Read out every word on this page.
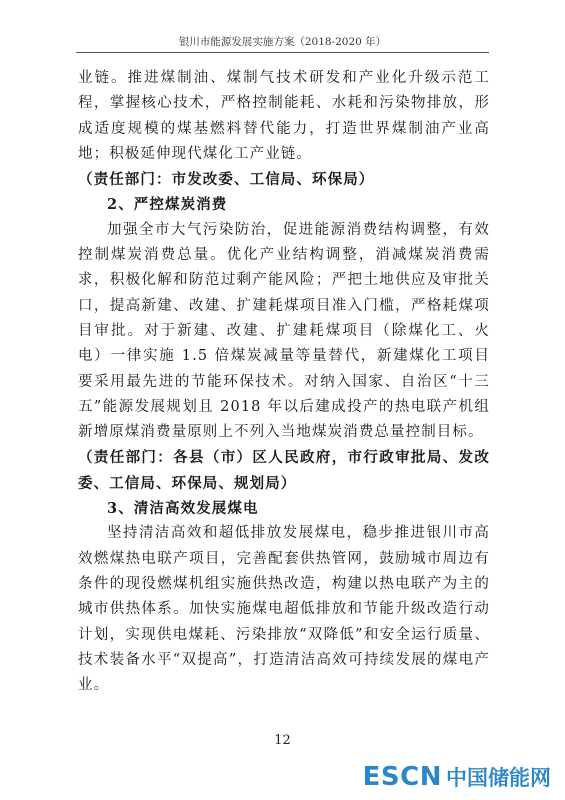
银川市能源发展实施方案（2018-2020 年）

业链。推进煤制油、煤制气技术研发和产业化升级示范工程，掌握核心技术，严格控制能耗、水耗和污染物排放，形成适度规模的煤基燃料替代能力，打造世界煤制油产业高地；积极延伸现代煤化工产业链。

（责任部门：市发改委、工信局、环保局）

2、严控煤炭消费

加强全市大气污染防治，促进能源消费结构调整，有效控制煤炭消费总量。优化产业结构调整，消减煤炭消费需求，积极化解和防范过剩产能风险；严把土地供应及审批关口，提高新建、改建、扩建耗煤项目准入门槛，严格耗煤项目审批。对于新建、改建、扩建耗煤项目（除煤化工、火电）一律实施 1.5 倍煤炭减量等量替代，新建煤化工项目要采用最先进的节能环保技术。对纳入国家、自治区“十三五”能源发展规划且 2018 年以后建成投产的热电联产机组新增原煤消费量原则上不列入当地煤炭消费总量控制目标。

（责任部门：各县（市）区人民政府，市行政审批局、发改委、工信局、环保局、规划局）

3、清洁高效发展煤电

坚持清洁高效和超低排放发展煤电，稳步推进银川市高效燃煤热电联产项目，完善配套供热管网，鼓励城市周边有条件的现役燃煤机组实施供热改造，构建以热电联产为主的城市供热体系。加快实施煤电超低排放和节能升级改造行动计划，实现供电煤耗、污染排放“双降低”和安全运行质量、技术装备水平“双提高”，打造清洁高效可持续发展的煤电产业。

12
ESCN 中国储能网
